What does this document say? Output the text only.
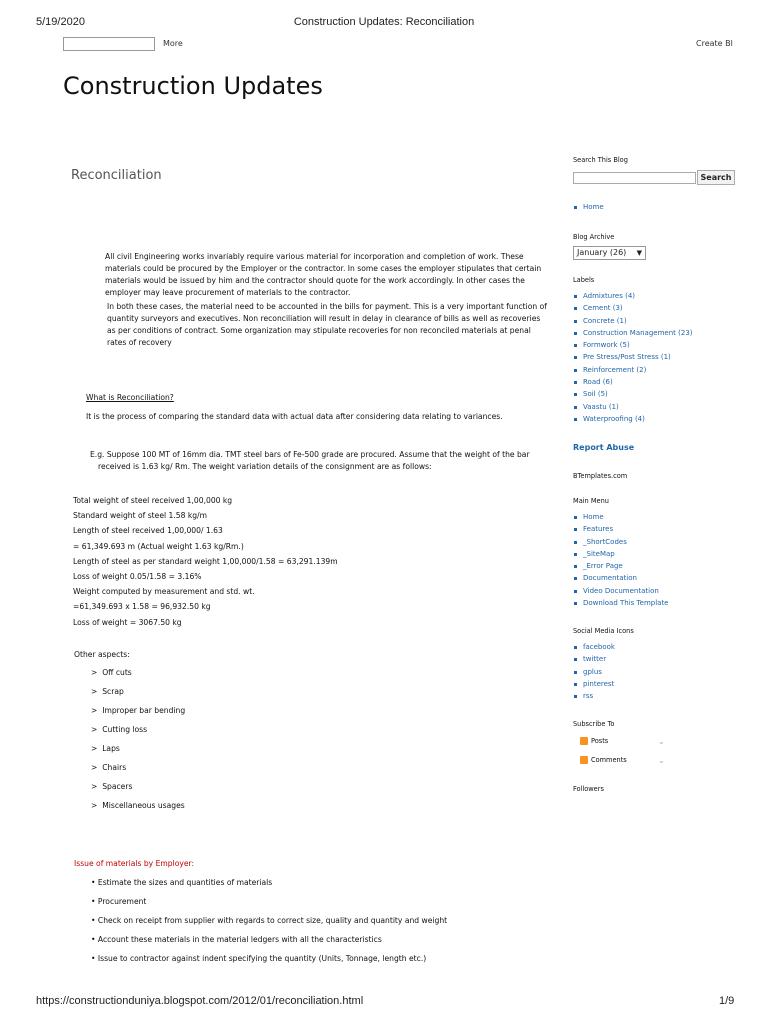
5/19/2020	Construction Updates: Reconciliation
More	Create Bl
Construction Updates
Reconciliation
All civil Engineering works invariably require various material for incorporation and completion of work. These materials could be procured by the Employer or the contractor. In some cases the employer stipulates that certain materials would be issued by him and the contractor should quote for the work accordingly. In other cases the employer may leave procurement of materials to the contractor.
In both these cases, the material need to be accounted in the bills for payment. This is a very important function of quantity surveyors and executives. Non reconciliation will result in delay in clearance of bills as well as recoveries as per conditions of contract. Some organization may stipulate recoveries for non reconciled materials at penal rates of recovery
What is Reconciliation?
It is the process of comparing the standard data with actual data after considering data relating to variances.
E.g. Suppose 100 MT of 16mm dia. TMT steel bars of Fe-500 grade are procured. Assume that the weight of the bar
received is 1.63 kg/ Rm. The weight variation details of the consignment are as follows:
Total weight of steel received 1,00,000 kg
Standard weight of steel 1.58 kg/m
Length of steel received 1,00,000/ 1.63
= 61,349.693 m (Actual weight 1.63 kg/Rm.)
Length of steel as per standard weight 1,00,000/1.58 = 63,291.139m
Loss of weight 0.05/1.58 = 3.16%
Weight computed by measurement and std. wt.
=61,349.693 x 1.58 = 96,932.50 kg
Loss of weight = 3067.50 kg
Other aspects:
>  Off cuts
>  Scrap
>  Improper bar bending
>  Cutting loss
>  Laps
>  Chairs
>  Spacers
>  Miscellaneous usages
Issue of materials by Employer:
• Estimate the sizes and quantities of materials
• Procurement
• Check on receipt from supplier with regards to correct size, quality and quantity and weight
• Account these materials in the material ledgers with all the characteristics
• Issue to contractor against indent specifying the quantity (Units, Tonnage, length etc.)
Search This Blog
Search
Home
Blog Archive
January (26) ▼
Labels
Admixtures (4)
Cement (3)
Concrete (1)
Construction Management (23)
Formwork (5)
Pre Stress/Post Stress (1)
Reinforcement (2)
Road (6)
Soil (5)
Vaastu (1)
Waterproofing (4)
Report Abuse
BTemplates.com
Main Menu
Home
Features
_ShortCodes
_SiteMap
_Error Page
Documentation
Video Documentation
Download This Template
Social Media Icons
facebook
twitter
gplus
pinterest
rss
Subscribe To
Posts	⌄
Comments	⌄
Followers
https://constructionduniya.blogspot.com/2012/01/reconciliation.html	1/9
